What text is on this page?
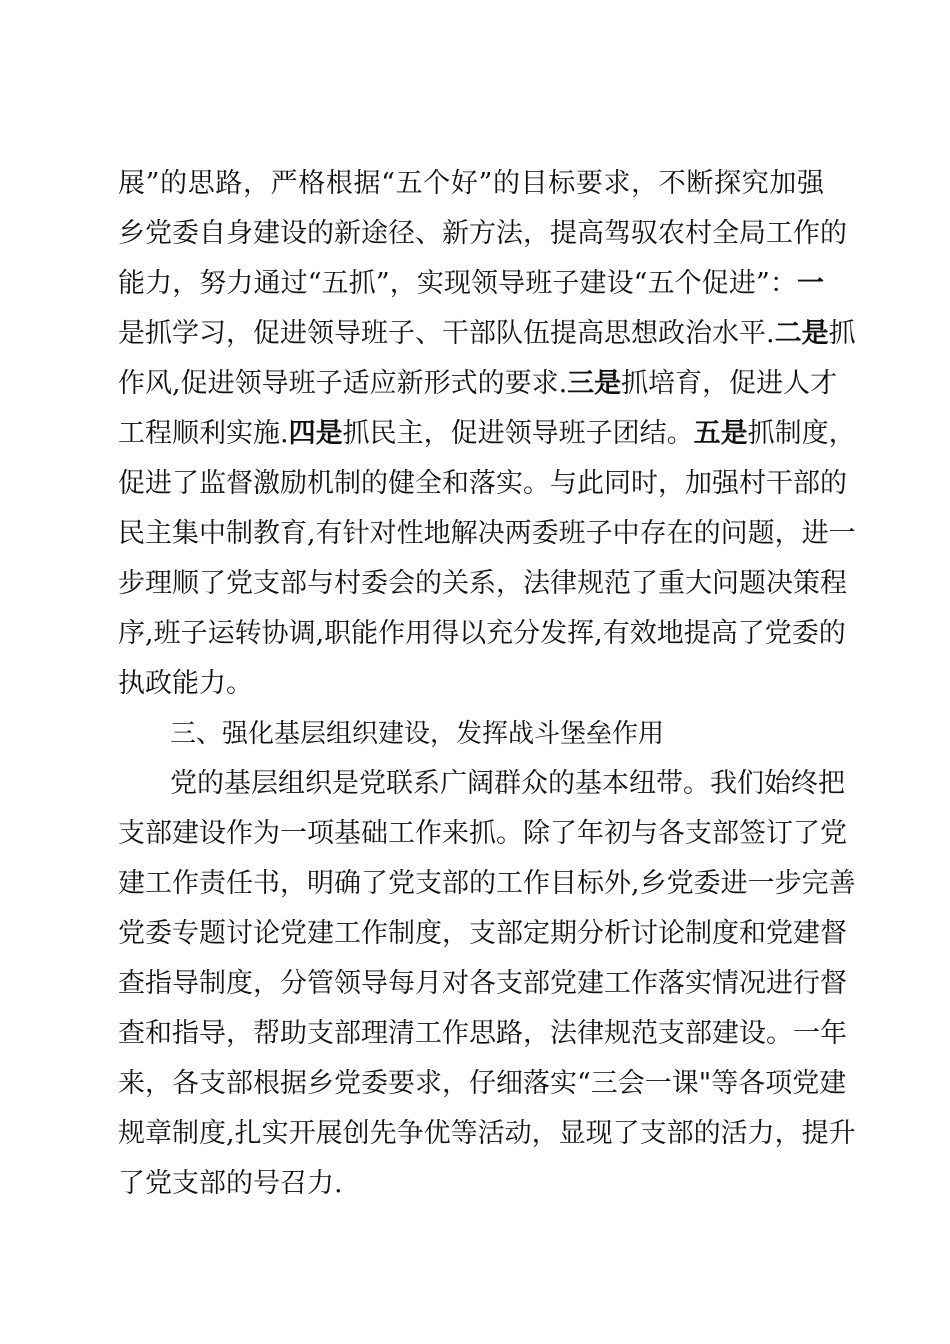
展”的思路，严格根据“五个好”的目标要求，不断探究加强
乡党委自身建设的新途径、新方法，提高驾驭农村全局工作的
能力，努力通过“五抓”，实现领导班子建设“五个促进”：一
是抓学习，促进领导班子、干部队伍提高思想政治水平.二是抓
作风,促进领导班子适应新形式的要求.三是抓培育，促进人才
工程顺利实施.四是抓民主，促进领导班子团结。五是抓制度，
促进了监督激励机制的健全和落实。与此同时，加强村干部的
民主集中制教育,有针对性地解决两委班子中存在的问题，进一
步理顺了党支部与村委会的关系，法律规范了重大问题决策程
序,班子运转协调,职能作用得以充分发挥,有效地提高了党委的
执政能力。
三、强化基层组织建设，发挥战斗堡垒作用
党的基层组织是党联系广阔群众的基本纽带。我们始终把
支部建设作为一项基础工作来抓。除了年初与各支部签订了党
建工作责任书，明确了党支部的工作目标外,乡党委进一步完善
党委专题讨论党建工作制度，支部定期分析讨论制度和党建督
查指导制度，分管领导每月对各支部党建工作落实情况进行督
查和指导，帮助支部理清工作思路，法律规范支部建设。一年
来，各支部根据乡党委要求，仔细落实“三会一课"等各项党建
规章制度,扎实开展创先争优等活动，显现了支部的活力，提升
了党支部的号召力.
